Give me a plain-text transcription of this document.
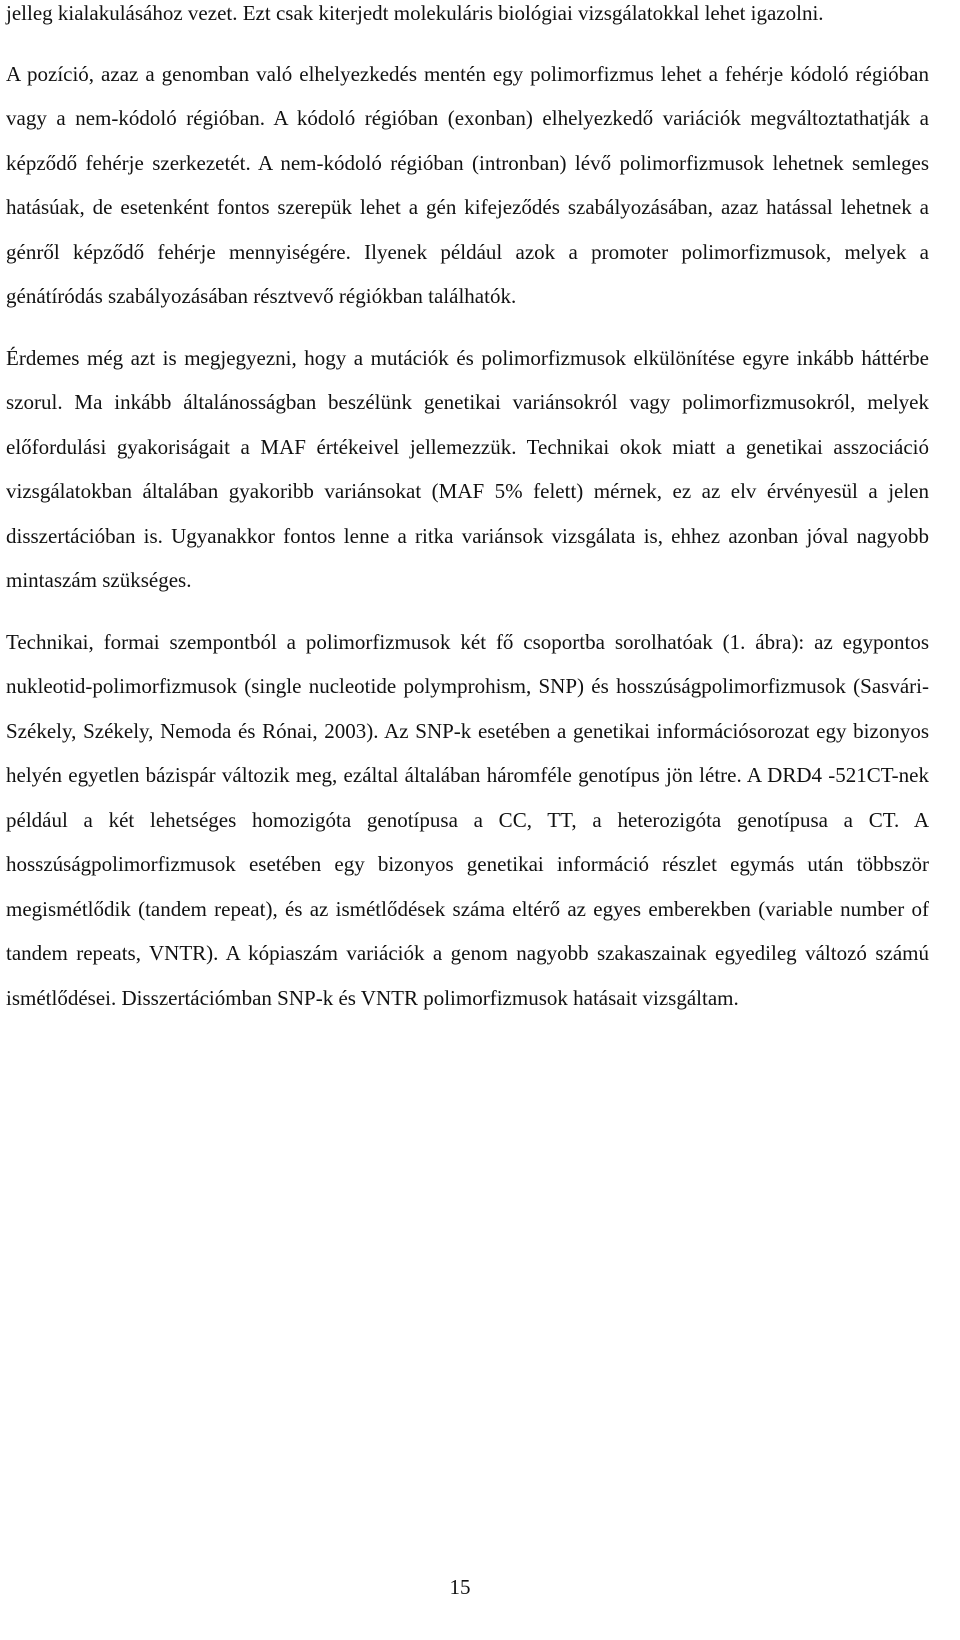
jelleg kialakulásához vezet. Ezt csak kiterjedt molekuláris biológiai vizsgálatokkal lehet igazolni.

A pozíció, azaz a genomban való elhelyezkedés mentén egy polimorfizmus lehet a fehérje kódoló régióban vagy a nem-kódoló régióban. A kódoló régióban (exonban) elhelyezkedő variációk megváltoztathatják a képződő fehérje szerkezetét. A nem-kódoló régióban (intronban) lévő polimorfizmusok lehetnek semleges hatásúak, de esetenként fontos szerepük lehet a gén kifejeződés szabályozásában, azaz hatással lehetnek a génről képződő fehérje mennyiségére. Ilyenek például azok a promoter polimorfizmusok, melyek a génátíródás szabályozásában résztvevő régiókban találhatók.

Érdemes még azt is megjegyezni, hogy a mutációk és polimorfizmusok elkülönítése egyre inkább háttérbe szorul. Ma inkább általánosságban beszélünk genetikai variánsokról vagy polimorfizmusokról, melyek előfordulási gyakoriságait a MAF értékeivel jellemezzük. Technikai okok miatt a genetikai asszociáció vizsgálatokban általában gyakoribb variánsokat (MAF 5% felett) mérnek, ez az elv érvényesül a jelen disszertációban is. Ugyanakkor fontos lenne a ritka variánsok vizsgálata is, ehhez azonban jóval nagyobb mintaszám szükséges.

Technikai, formai szempontból a polimorfizmusok két fő csoportba sorolhatóak (1. ábra): az egypontos nukleotid-polimorfizmusok (single nucleotide polymprohism, SNP) és hosszúságpolimorfizmusok (Sasvári-Székely, Székely, Nemoda és Rónai, 2003). Az SNP-k esetében a genetikai információsorozat egy bizonyos helyén egyetlen bázispár változik meg, ezáltal általában háromféle genotípus jön létre. A DRD4 -521CT-nek például a két lehetséges homozigóta genotípusa a CC, TT, a heterozigóta genotípusa a CT. A hosszúságpolimorfizmusok esetében egy bizonyos genetikai információ részlet egymás után többször megismétlődik (tandem repeat), és az ismétlődések száma eltérő az egyes emberekben (variable number of tandem repeats, VNTR). A kópiaszám variációk a genom nagyobb szakaszainak egyedileg változó számú ismétlődései. Disszertációmban SNP-k és VNTR polimorfizmusok hatásait vizsgáltam.

15
